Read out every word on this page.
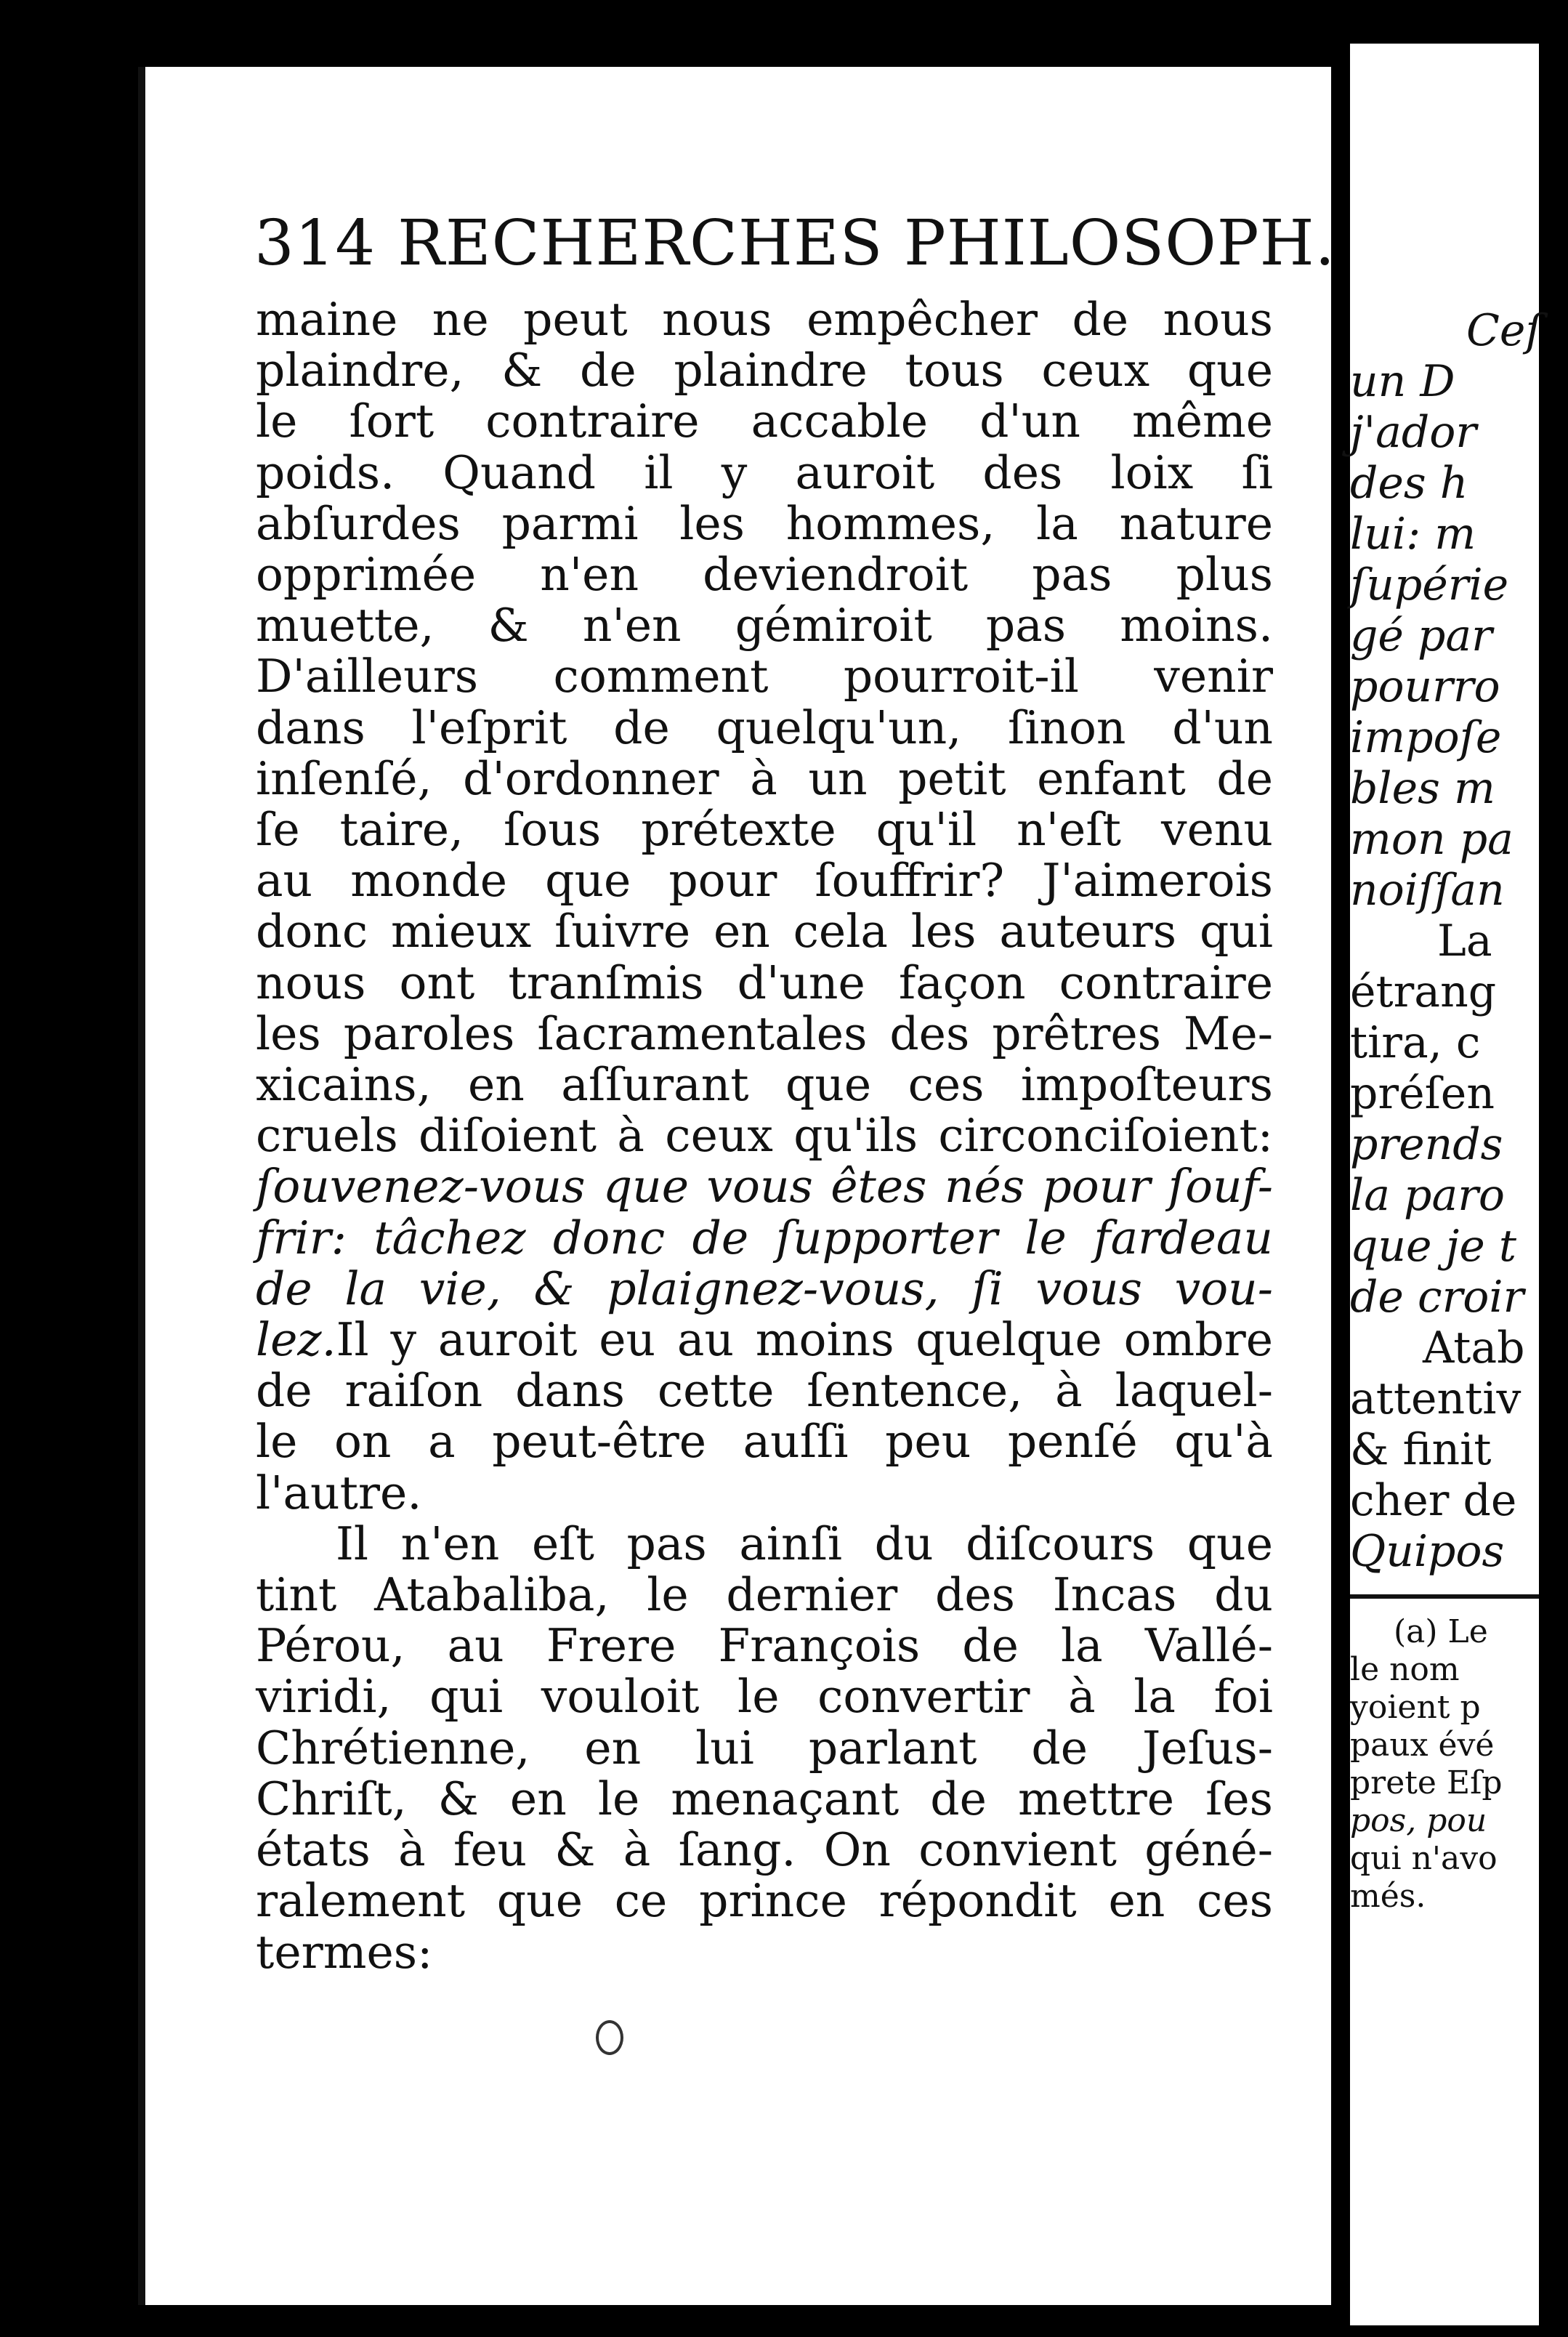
314 RECHERCHES PHILOSOPH.
maine ne peut nous empêcher de nous
plaindre, & de plaindre tous ceux que
le ſort contraire accable d'un même
poids. Quand il y auroit des loix ſi
abſurdes parmi les hommes, la nature
opprimée n'en deviendroit pas plus
muette, & n'en gémiroit pas moins.
D'ailleurs comment pourroit-il venir
dans l'eſprit de quelqu'un, ſinon d'un
inſenſé, d'ordonner à un petit enfant de
ſe taire, ſous prétexte qu'il n'eſt venu
au monde que pour ſouffrir? J'aimerois
donc mieux ſuivre en cela les auteurs qui
nous ont tranſmis d'une façon contraire
les paroles ſacramentales des prêtres Me-
xicains, en aſſurant que ces impoſteurs
cruels diſoient à ceux qu'ils circonciſoient:
ſouvenez-vous que vous êtes nés pour ſouf-
frir: tâchez donc de ſupporter le fardeau
de la vie, & plaignez-vous, ſi vous vou-
lez.Il y auroit eu au moins quelque ombre
de raiſon dans cette ſentence, à laquel-
le on a peut-être auſſi peu penſé qu'à
l'autre.
Il n'en eſt pas ainſi du diſcours que
tint Atabaliba, le dernier des Incas du
Pérou, au Frere François de la Vallé-
viridi, qui vouloit le convertir à la foi
Chrétienne, en lui parlant de Jeſus-
Chriſt, & en le menaçant de mettre ſes
états à feu & à ſang. On convient géné-
ralement que ce prince répondit en ces
termes:
Ceſ
un D
j'ador
des h
lui: m
ſupérie
gé par
pourro
impoſe
bles m
mon pa
noiſſan
La
étrang
tira, c
préſen
prends
la paro
que je t
de croir
Atab
attentiv
& finit
cher de
Quipos
(a) Le
le nom
yoient p
paux évé
prete Eſp
pos, pou
qui n'avo
més.
